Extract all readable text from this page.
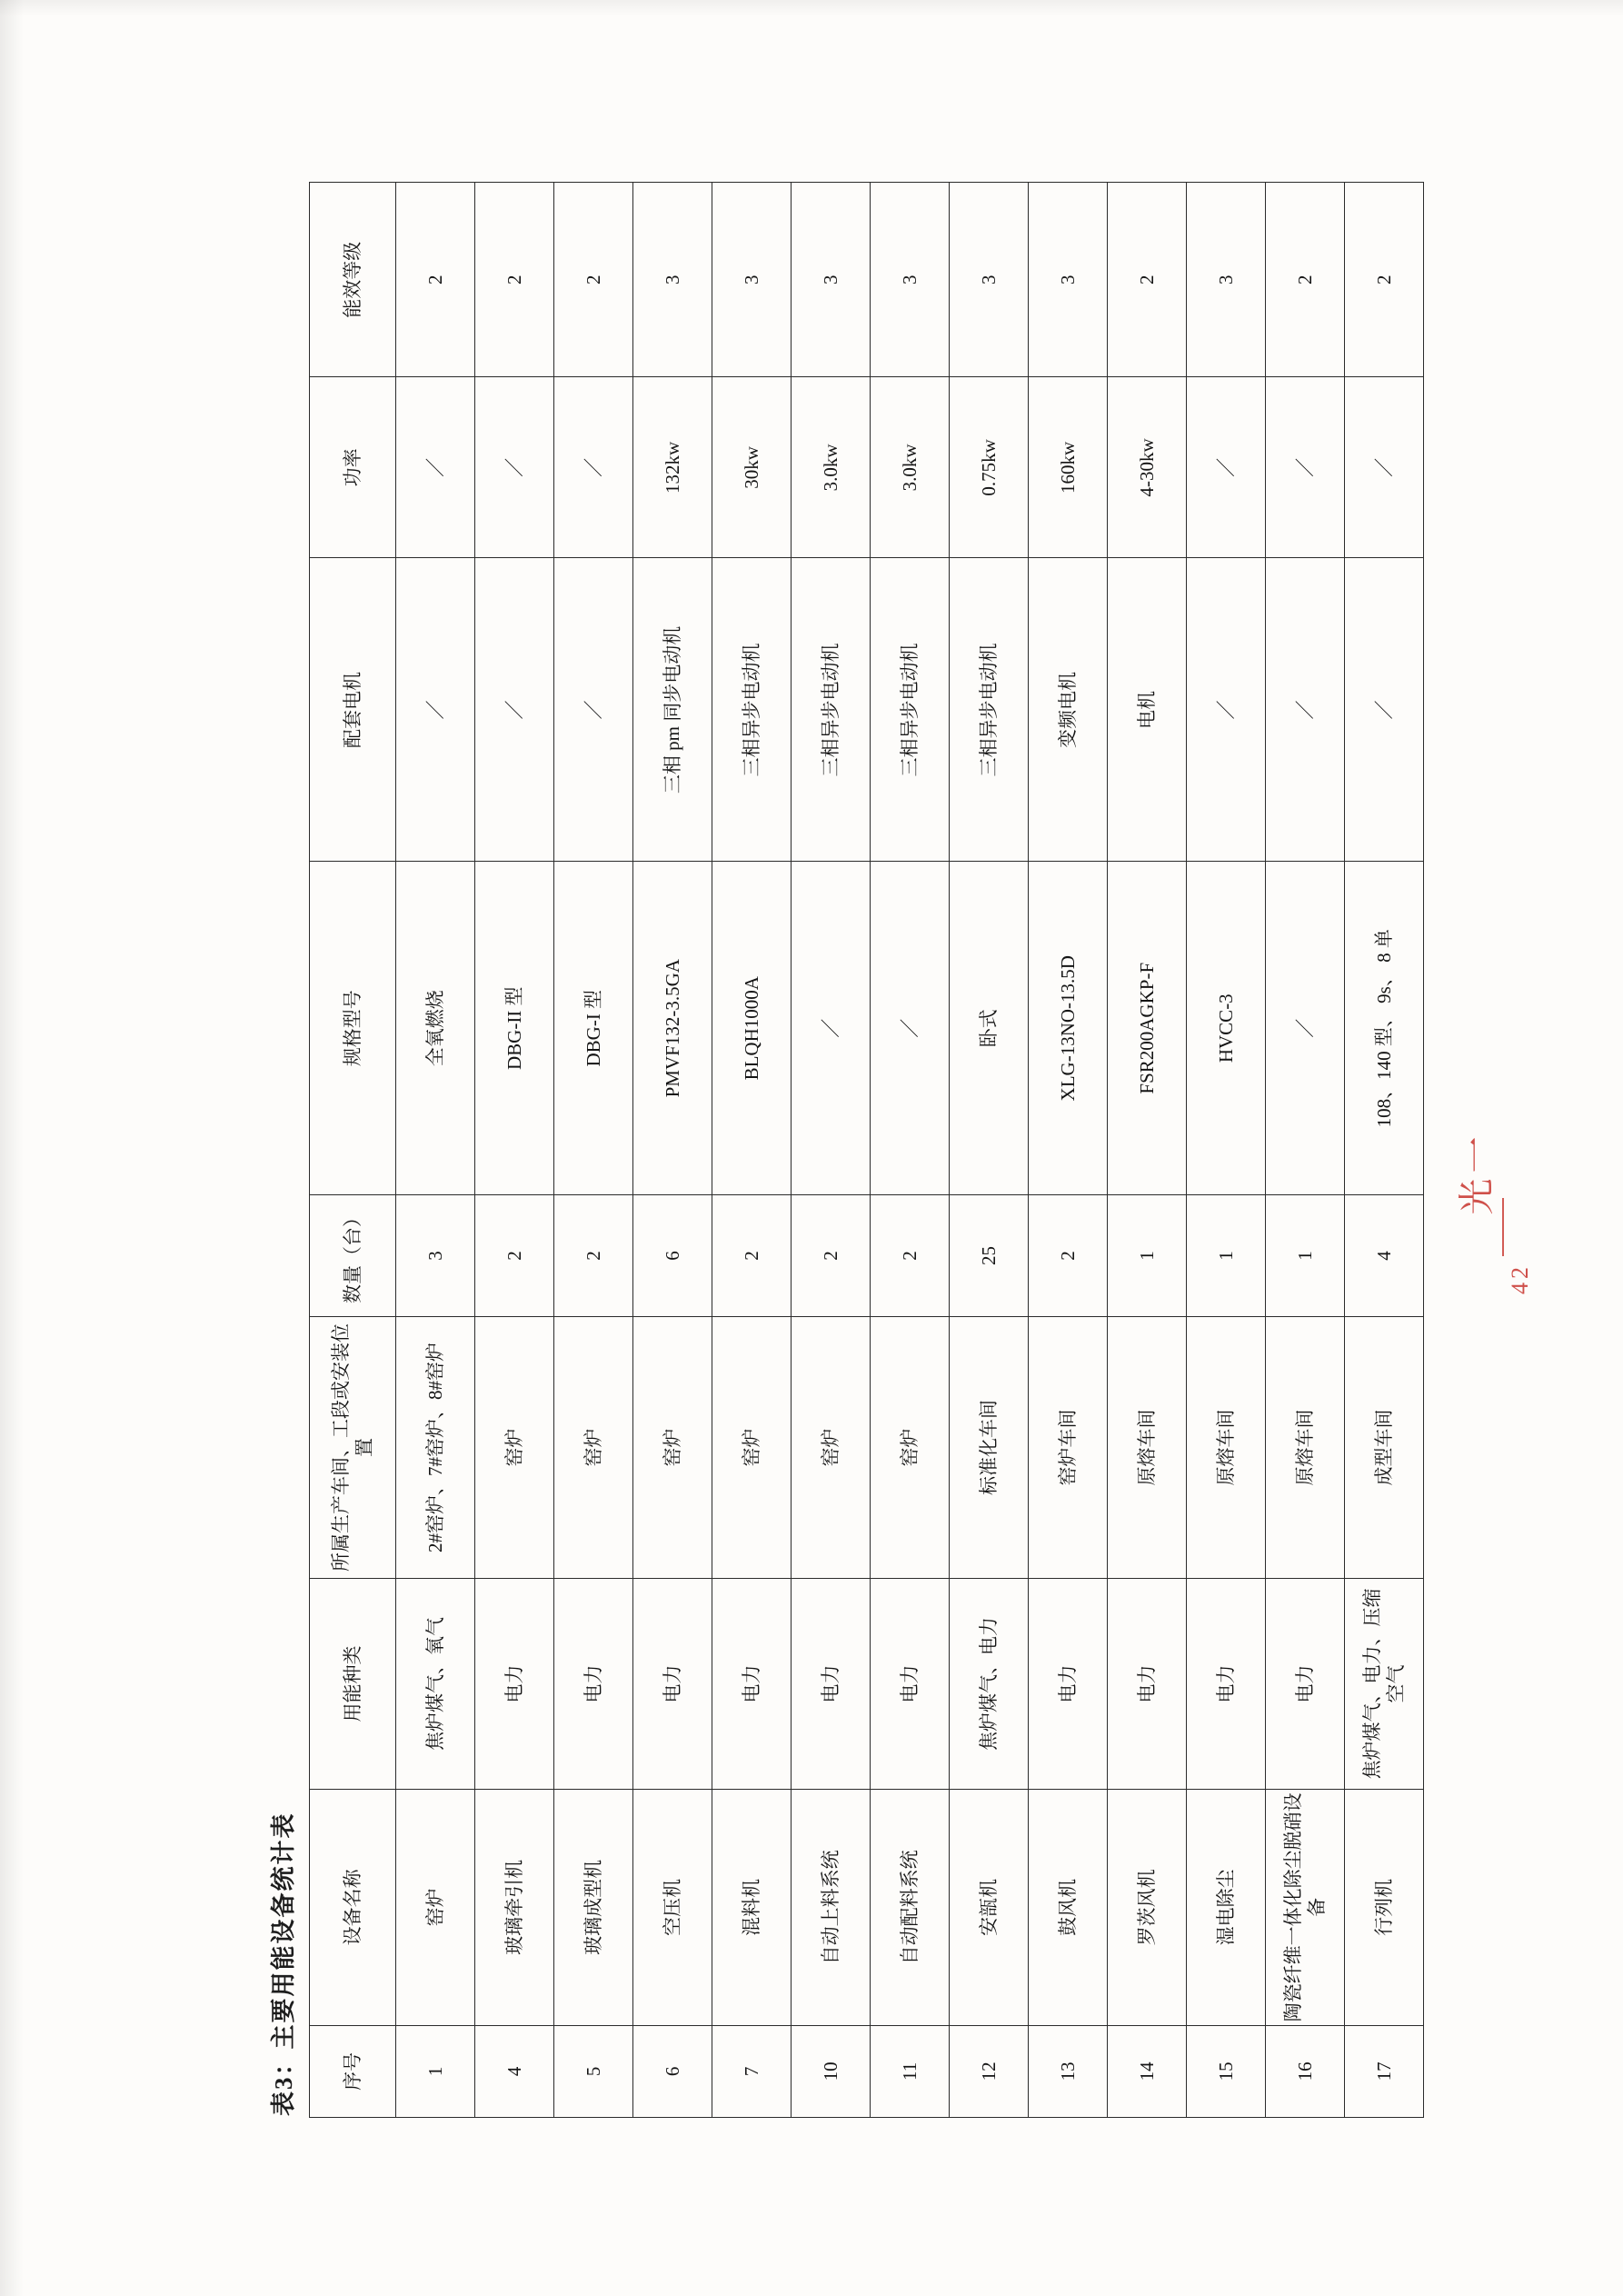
表3：主要用能设备统计表 序号	设备名称	用能种类	所属生产车间、工段或安装位置	数量（台）	规格型号	配套电机	功率	能效等级
1	窑炉	焦炉煤气、氧气	2#窑炉、7#窑炉、8#窑炉	3	全氧燃烧	／	／	2
4	玻璃牵引机	电力	窑炉	2	DBG-II 型	／	／	2
5	玻璃成型机	电力	窑炉	2	DBG-I 型	／	／	2
6	空压机	电力	窑炉	6	PMVF132-3.5GA	三相 pm 同步电动机	132kw	3
7	混料机	电力	窑炉	2	BLQH1000A	三相异步电动机	30kw	3
10	自动上料系统	电力	窑炉	2	／	三相异步电动机	3.0kw	3
11	自动配料系统	电力	窑炉	2	／	三相异步电动机	3.0kw	3
12	安瓿机	焦炉煤气、电力	标准化车间	25	卧式	三相异步电动机	0.75kw	3
13	鼓风机	电力	窑炉车间	2	XLG-13NO-13.5D	变频电机	160kw	3
14	罗茨风机	电力	原熔车间	1	FSR200AGKP-F	电机	4-30kw	2
15	湿电除尘	电力	原熔车间	1	HVCC-3	／	／	3
16	陶瓷纤维一体化除尘脱硝设备	电力	原熔车间	1	／	／	／	2
17	行列机	焦炉煤气、电力、压缩空气	成型车间	4	108、140 型、 9s、 8 单	／	／	2
光一
42
